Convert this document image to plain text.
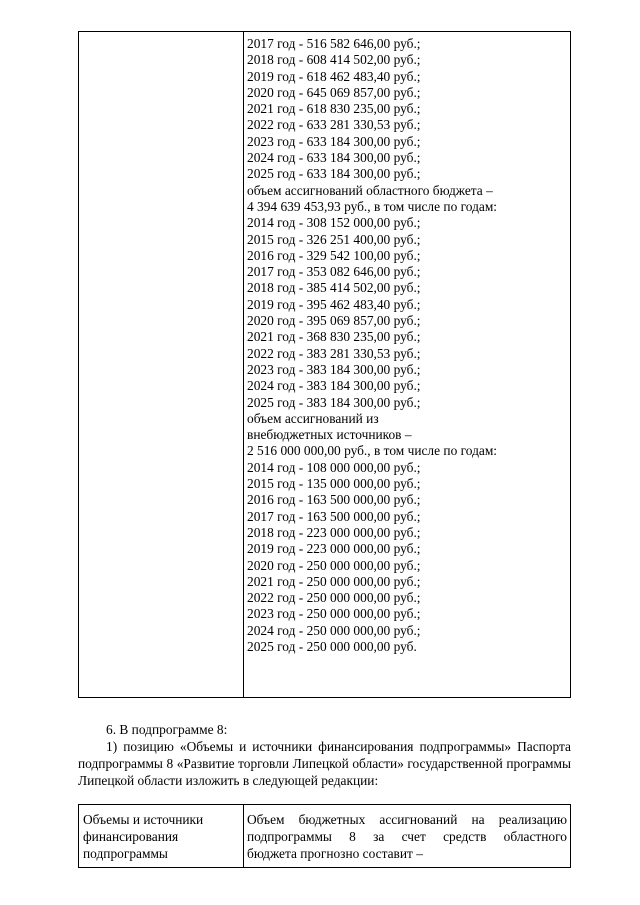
2017 год - 516 582 646,00 руб.;
2018 год - 608 414 502,00 руб.;
2019 год - 618 462 483,40 руб.;
2020 год - 645 069 857,00 руб.;
2021 год - 618 830 235,00 руб.;
2022 год - 633 281 330,53 руб.;
2023 год - 633 184 300,00 руб.;
2024 год - 633 184 300,00 руб.;
2025 год - 633 184 300,00 руб.;
объем ассигнований областного бюджета –
4 394 639 453,93 руб., в том числе по годам:
2014 год - 308 152 000,00 руб.;
2015 год - 326 251 400,00 руб.;
2016 год - 329 542 100,00 руб.;
2017 год - 353 082 646,00 руб.;
2018 год - 385 414 502,00 руб.;
2019 год - 395 462 483,40 руб.;
2020 год - 395 069 857,00 руб.;
2021 год - 368 830 235,00 руб.;
2022 год - 383 281 330,53 руб.;
2023 год - 383 184 300,00 руб.;
2024 год - 383 184 300,00 руб.;
2025 год - 383 184 300,00 руб.;
объем ассигнований из
внебюджетных источников –
2 516 000 000,00 руб., в том числе по годам:
2014 год - 108 000 000,00 руб.;
2015 год - 135 000 000,00 руб.;
2016 год - 163 500 000,00 руб.;
2017 год - 163 500 000,00 руб.;
2018 год - 223 000 000,00 руб.;
2019 год - 223 000 000,00 руб.;
2020 год - 250 000 000,00 руб.;
2021 год - 250 000 000,00 руб.;
2022 год - 250 000 000,00 руб.;
2023 год - 250 000 000,00 руб.;
2024 год - 250 000 000,00 руб.;
2025 год - 250 000 000,00 руб.
6. В подпрограмме 8:
1) позицию «Объемы и источники финансирования подпрограммы» Паспорта
подпрограммы 8 «Развитие торговли Липецкой области» государственной программы
Липецкой области изложить в следующей редакции:
Объемы и источники
финансирования
подпрограммы
Объем бюджетных ассигнований на реализацию
подпрограммы 8 за счет средств областного
бюджета прогнозно составит –
